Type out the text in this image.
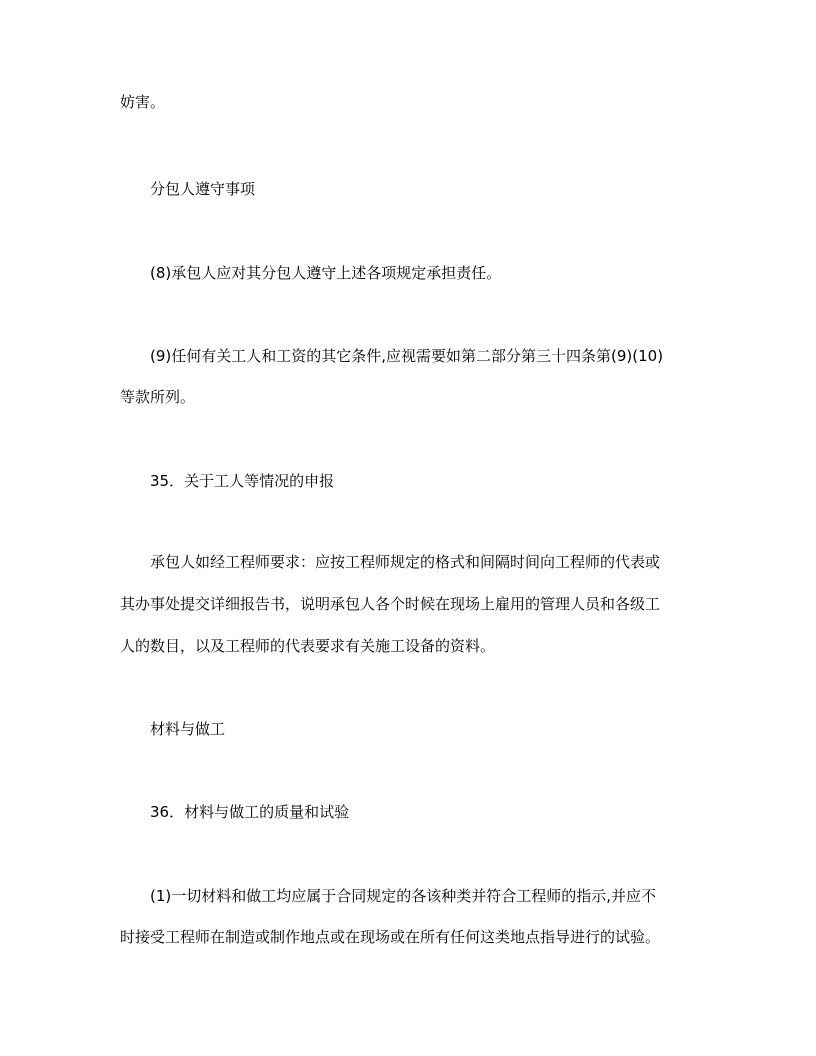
妨害。
分包人遵守事项
(8)承包人应对其分包人遵守上述各项规定承担责任。
(9)任何有关工人和工资的其它条件,应视需要如第二部分第三十四条第(9)(10)
等款所列。
35．关于工人等情况的申报
承包人如经工程师要求：应按工程师规定的格式和间隔时间向工程师的代表或
其办事处提交详细报告书，说明承包人各个时候在现场上雇用的管理人员和各级工
人的数目，以及工程师的代表要求有关施工设备的资料。
材料与做工
36．材料与做工的质量和试验
(1)一切材料和做工均应属于合同规定的各该种类并符合工程师的指示,并应不
时接受工程师在制造或制作地点或在现场或在所有任何这类地点指导进行的试验。
